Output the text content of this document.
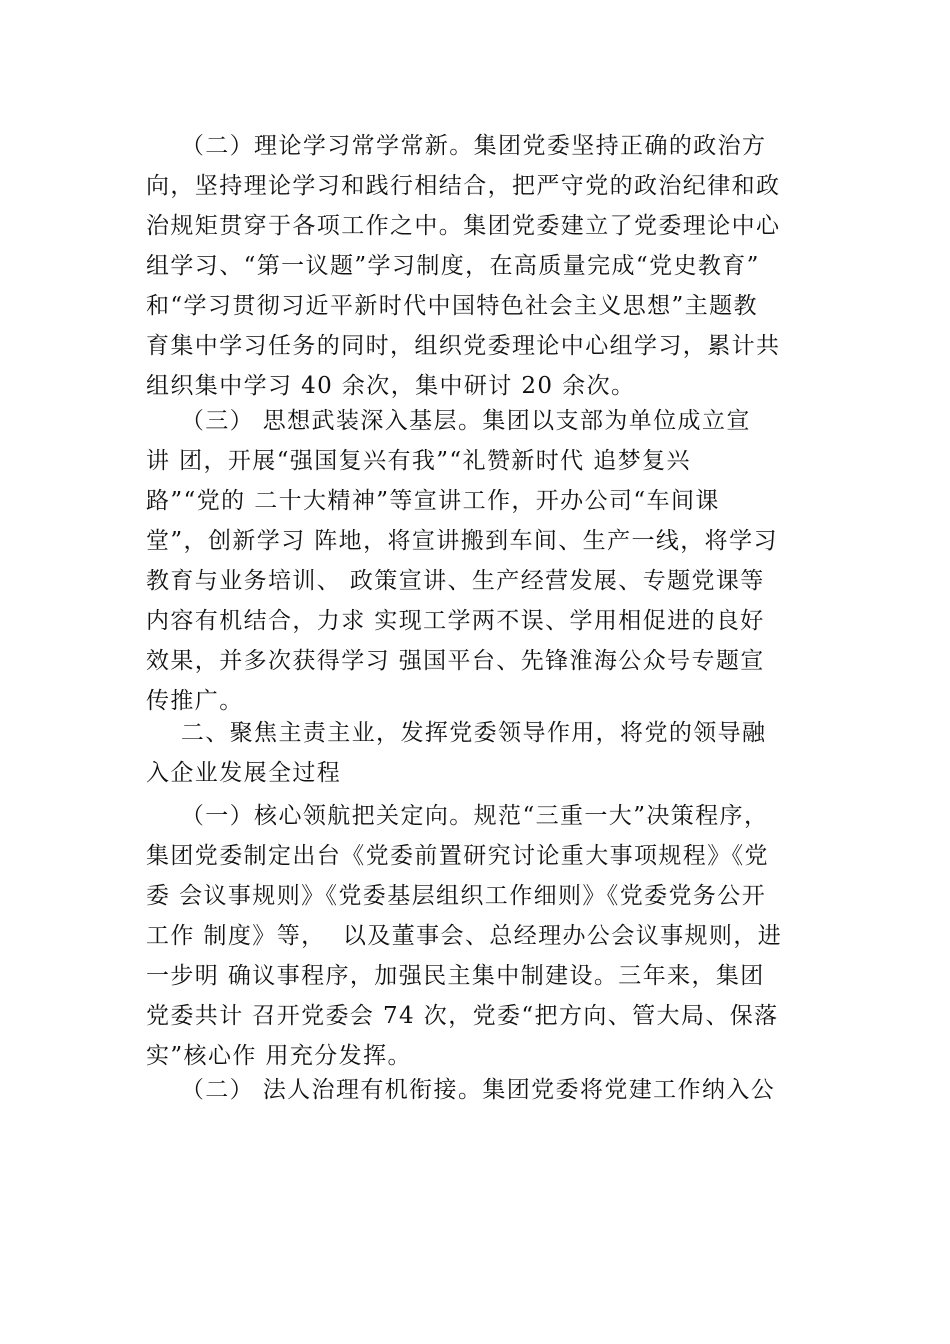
（二）理论学习常学常新。集团党委坚持正确的政治方
向，坚持理论学习和践行相结合，把严守党的政治纪律和政
治规矩贯穿于各项工作之中。集团党委建立了党委理论中心
组学习、“第一议题”学习制度，在高质量完成“党史教育”
和“学习贯彻习近平新时代中国特色社会主义思想”主题教
育集中学习任务的同时，组织党委理论中心组学习，累计共
组织集中学习 40 余次，集中研讨 20 余次。
（三） 思想武装深入基层。集团以支部为单位成立宣
讲 团，开展“强国复兴有我”“礼赞新时代 追梦复兴
路”“党的 二十大精神”等宣讲工作，开办公司“车间课
堂”，创新学习 阵地，将宣讲搬到车间、生产一线，将学习
教育与业务培训、 政策宣讲、生产经营发展、专题党课等
内容有机结合，力求 实现工学两不误、学用相促进的良好
效果，并多次获得学习 强国平台、先锋淮海公众号专题宣
传推广。
二、聚焦主责主业，发挥党委领导作用，将党的领导融
入企业发展全过程
（一）核心领航把关定向。规范“三重一大”决策程序，
集团党委制定出台《党委前置研究讨论重大事项规程》《党
委 会议事规则》《党委基层组织工作细则》《党委党务公开
工作 制度》等，  以及董事会、总经理办公会议事规则，进
一步明 确议事程序，加强民主集中制建设。三年来，集团
党委共计 召开党委会 74 次，党委“把方向、管大局、保落
实”核心作 用充分发挥。
（二） 法人治理有机衔接。集团党委将党建工作纳入公
